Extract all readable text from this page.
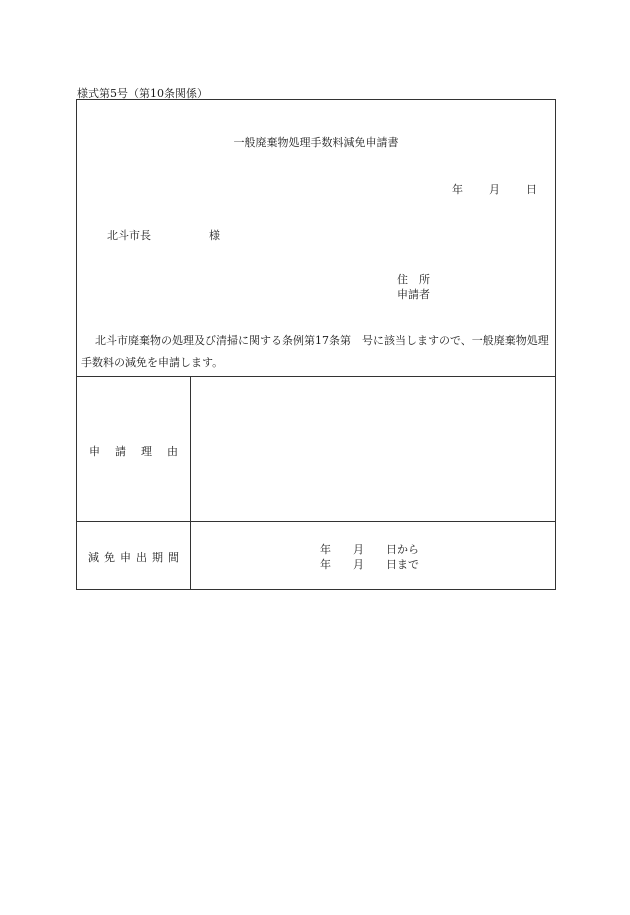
様式第5号（第10条関係）
一般廃棄物処理手数料減免申請書
年 月 日
北斗市長	様
住　所
申請者
北斗市廃棄物の処理及び清掃に関する条例第17条第　号に該当しますので、一般廃棄物処理手数料の減免を申請します。
申 請 理 由
減 免 申 出 期 間
年 月 日から
年 月 日まで
